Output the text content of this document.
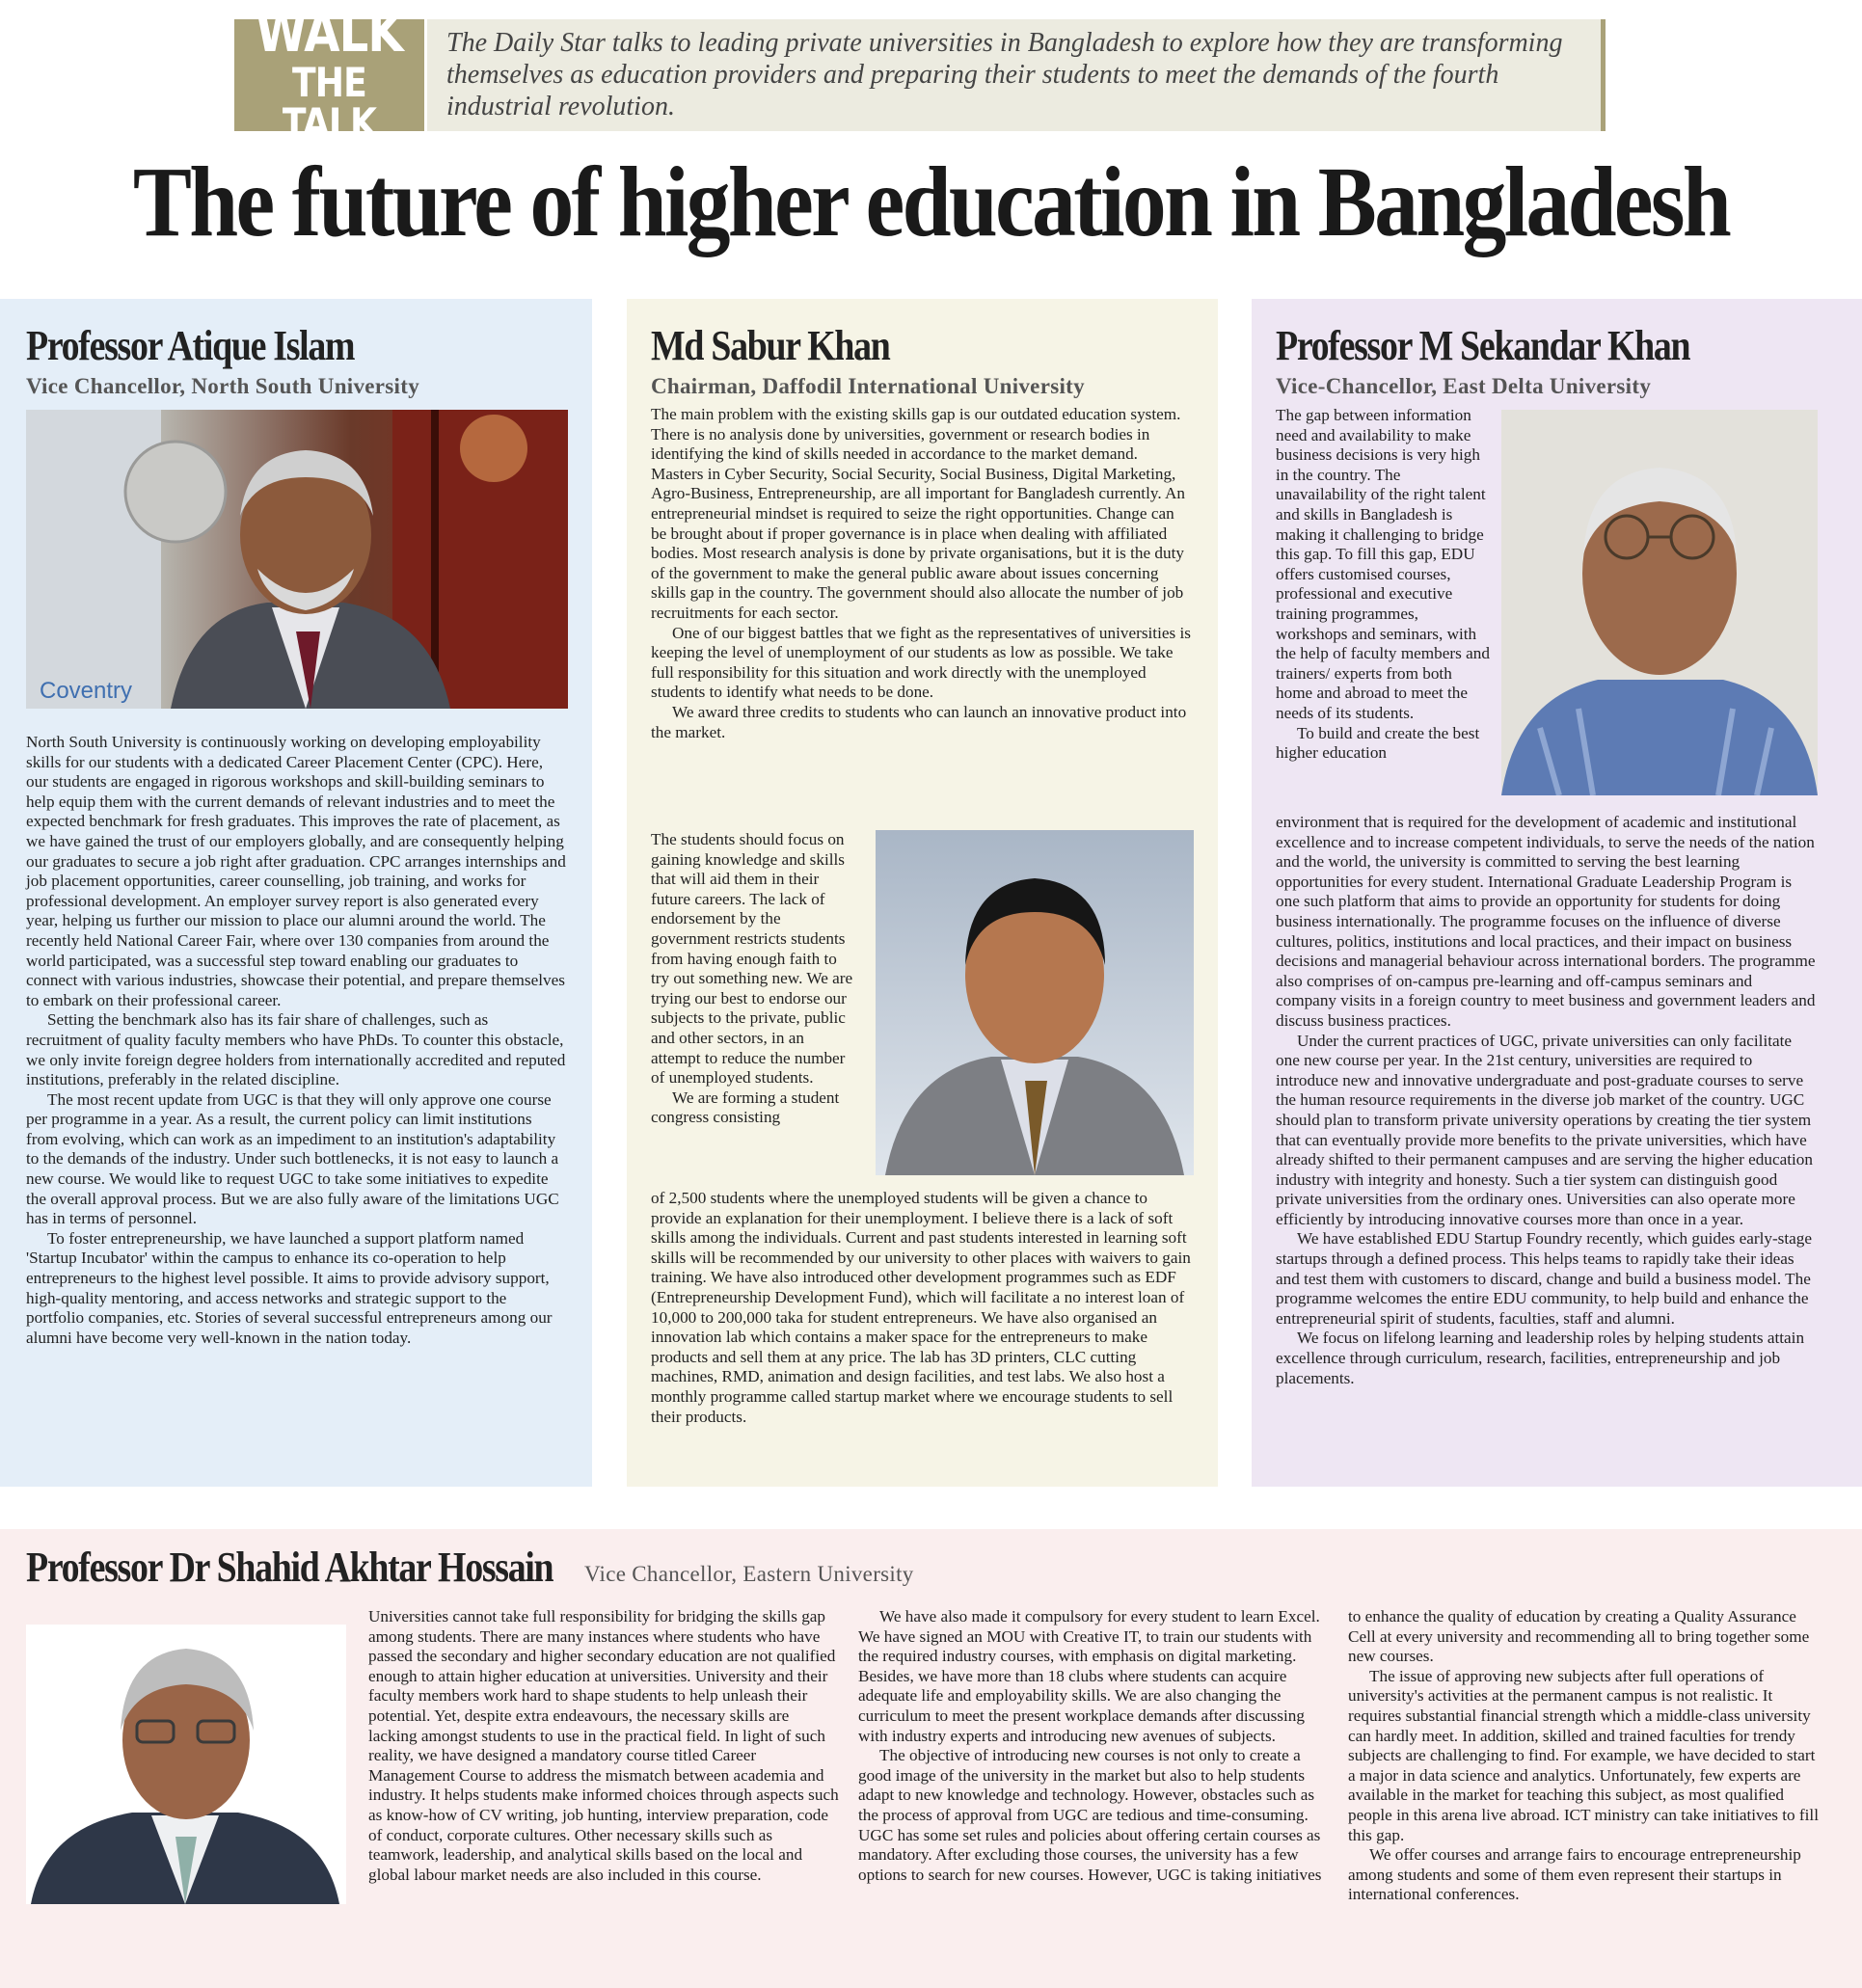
WALK
THE TALK
The Daily Star talks to leading private universities in Bangladesh to explore how they are transforming themselves as education providers and preparing their students to meet the demands of the fourth industrial revolution.
The future of higher education in Bangladesh
Professor Atique Islam
Vice Chancellor, North South University
Coventry

North South University is continuously working on developing employability skills for our students with a dedicated Career Placement Center (CPC). Here, our students are engaged in rigorous workshops and skill-building seminars to help equip them with the current demands of relevant industries and to meet the expected benchmark for fresh graduates. This improves the rate of placement, as we have gained the trust of our employers globally, and are consequently helping our graduates to secure a job right after graduation. CPC arranges internships and job placement opportunities, career counselling, job training, and works for professional development. An employer survey report is also generated every year, helping us further our mission to place our alumni around the world. The recently held National Career Fair, where over 130 companies from around the world participated, was a successful step toward enabling our graduates to connect with various industries, showcase their potential, and prepare themselves to embark on their professional career.

Setting the benchmark also has its fair share of challenges, such as recruitment of quality faculty members who have PhDs. To counter this obstacle, we only invite foreign degree holders from internationally accredited and reputed institutions, preferably in the related discipline.

The most recent update from UGC is that they will only approve one course per programme in a year. As a result, the current policy can limit institutions from evolving, which can work as an impediment to an institution's adaptability to the demands of the industry. Under such bottlenecks, it is not easy to launch a new course. We would like to request UGC to take some initiatives to expedite the overall approval process. But we are also fully aware of the limitations UGC has in terms of personnel.

To foster entrepreneurship, we have launched a support platform named 'Startup Incubator' within the campus to enhance its co-operation to help entrepreneurs to the highest level possible. It aims to provide advisory support, high-quality mentoring, and access networks and strategic support to the portfolio companies, etc. Stories of several successful entrepreneurs among our alumni have become very well-known in the nation today.

Md Sabur Khan
Chairman, Daffodil International University

The main problem with the existing skills gap is our outdated education system. There is no analysis done by universities, government or research bodies in identifying the kind of skills needed in accordance to the market demand. Masters in Cyber Security, Social Security, Social Business, Digital Marketing, Agro-Business, Entrepreneurship, are all important for Bangladesh currently. An entrepreneurial mindset is required to seize the right opportunities. Change can be brought about if proper governance is in place when dealing with affiliated bodies. Most research analysis is done by private organisations, but it is the duty of the government to make the general public aware about issues concerning skills gap in the country. The government should also allocate the number of job recruitments for each sector.

One of our biggest battles that we fight as the representatives of universities is keeping the level of unemployment of our students as low as possible. We take full responsibility for this situation and work directly with the unemployed students to identify what needs to be done.

We award three credits to students who can launch an innovative product into the market.

The students should focus on gaining knowledge and skills that will aid them in their future careers. The lack of endorsement by the government restricts students from having enough faith to try out something new. We are trying our best to endorse our subjects to the private, public and other sectors, in an attempt to reduce the number of unemployed students.

We are forming a student congress consisting

of 2,500 students where the unemployed students will be given a chance to provide an explanation for their unemployment. I believe there is a lack of soft skills among the individuals. Current and past students interested in learning soft skills will be recommended by our university to other places with waivers to gain training. We have also introduced other development programmes such as EDF (Entrepreneurship Development Fund), which will facilitate a no interest loan of 10,000 to 200,000 taka for student entrepreneurs. We have also organised an innovation lab which contains a maker space for the entrepreneurs to make products and sell them at any price. The lab has 3D printers, CLC cutting machines, RMD, animation and design facilities, and test labs. We also host a monthly programme called startup market where we encourage students to sell their products.

Professor M Sekandar Khan
Vice-Chancellor, East Delta University

The gap between information need and availability to make business decisions is very high in the country. The unavailability of the right talent and skills in Bangladesh is making it challenging to bridge this gap. To fill this gap, EDU offers customised courses, professional and executive training programmes, workshops and seminars, with the help of faculty members and trainers/ experts from both home and abroad to meet the needs of its students.

To build and create the best higher education

environment that is required for the development of academic and institutional excellence and to increase competent individuals, to serve the needs of the nation and the world, the university is committed to serving the best learning opportunities for every student. International Graduate Leadership Program is one such platform that aims to provide an opportunity for students for doing business internationally. The programme focuses on the influence of diverse cultures, politics, institutions and local practices, and their impact on business decisions and managerial behaviour across international borders. The programme also comprises of on-campus pre-learning and off-campus seminars and company visits in a foreign country to meet business and government leaders and discuss business practices.

Under the current practices of UGC, private universities can only facilitate one new course per year. In the 21st century, universities are required to introduce new and innovative undergraduate and post-graduate courses to serve the human resource requirements in the diverse job market of the country. UGC should plan to transform private university operations by creating the tier system that can eventually provide more benefits to the private universities, which have already shifted to their permanent campuses and are serving the higher education industry with integrity and honesty. Such a tier system can distinguish good private universities from the ordinary ones. Universities can also operate more efficiently by introducing innovative courses more than once in a year.

We have established EDU Startup Foundry recently, which guides early-stage startups through a defined process. This helps teams to rapidly take their ideas and test them with customers to discard, change and build a business model. The programme welcomes the entire EDU community, to help build and enhance the entrepreneurial spirit of students, faculties, staff and alumni.

We focus on lifelong learning and leadership roles by helping students attain excellence through curriculum, research, facilities, entrepreneurship and job placements.

Professor Dr Shahid Akhtar Hossain Vice Chancellor, Eastern University

Universities cannot take full responsibility for bridging the skills gap among students. There are many instances where students who have passed the secondary and higher secondary education are not qualified enough to attain higher education at universities. University and their faculty members work hard to shape students to help unleash their potential. Yet, despite extra endeavours, the necessary skills are lacking amongst students to use in the practical field. In light of such reality, we have designed a mandatory course titled Career Management Course to address the mismatch between academia and industry. It helps students make informed choices through aspects such as know-how of CV writing, job hunting, interview preparation, code of conduct, corporate cultures. Other necessary skills such as teamwork, leadership, and analytical skills based on the local and global labour market needs are also included in this course.

We have also made it compulsory for every student to learn Excel. We have signed an MOU with Creative IT, to train our students with the required industry courses, with emphasis on digital marketing. Besides, we have more than 18 clubs where students can acquire adequate life and employability skills. We are also changing the curriculum to meet the present workplace demands after discussing with industry experts and introducing new avenues of subjects.

The objective of introducing new courses is not only to create a good image of the university in the market but also to help students adapt to new knowledge and technology. However, obstacles such as the process of approval from UGC are tedious and time-consuming. UGC has some set rules and policies about offering certain courses as mandatory. After excluding those courses, the university has a few options to search for new courses. However, UGC is taking initiatives

to enhance the quality of education by creating a Quality Assurance Cell at every university and recommending all to bring together some new courses.

The issue of approving new subjects after full operations of university's activities at the permanent campus is not realistic. It requires substantial financial strength which a middle-class university can hardly meet. In addition, skilled and trained faculties for trendy subjects are challenging to find. For example, we have decided to start a major in data science and analytics. Unfortunately, few experts are available in the market for teaching this subject, as most qualified people in this arena live abroad. ICT ministry can take initiatives to fill this gap.

We offer courses and arrange fairs to encourage entrepreneurship among students and some of them even represent their startups in international conferences.
